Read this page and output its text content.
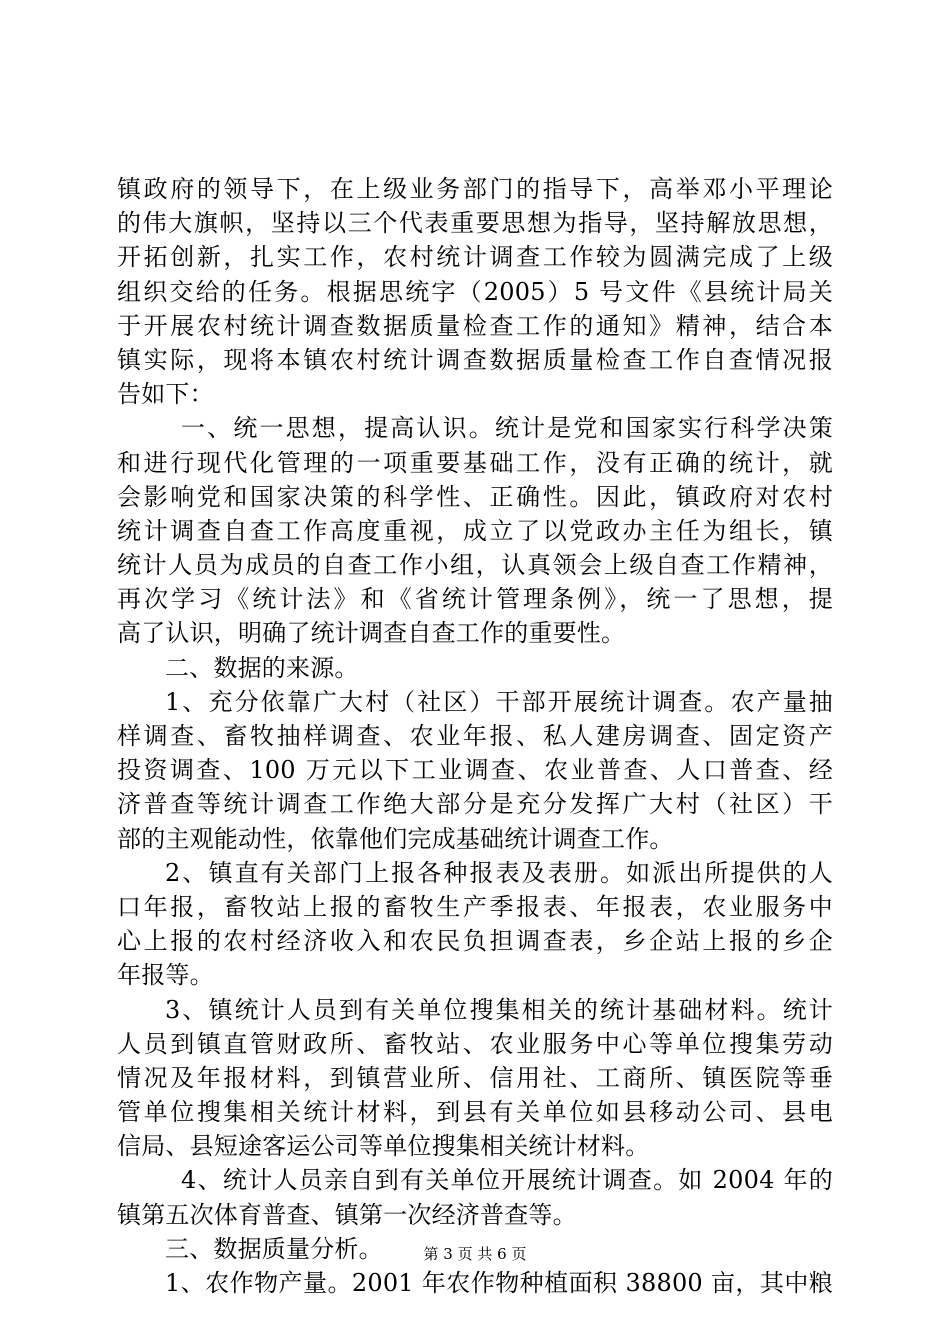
镇政府的领导下，在上级业务部门的指导下，高举邓小平理论
的伟大旗帜，坚持以三个代表重要思想为指导，坚持解放思想，
开拓创新，扎实工作，农村统计调查工作较为圆满完成了上级
组织交给的任务。根据思统字（2005）5 号文件《县统计局关
于开展农村统计调查数据质量检查工作的通知》精神，结合本
镇实际，现将本镇农村统计调查数据质量检查工作自查情况报
告如下：
一、统一思想，提高认识。统计是党和国家实行科学决策
和进行现代化管理的一项重要基础工作，没有正确的统计，就
会影响党和国家决策的科学性、正确性。因此，镇政府对农村
统计调查自查工作高度重视，成立了以党政办主任为组长，镇
统计人员为成员的自查工作小组，认真领会上级自查工作精神，
再次学习《统计法》和《省统计管理条例》，统一了思想，提
高了认识，明确了统计调查自查工作的重要性。
二、数据的来源。
1、充分依靠广大村（社区）干部开展统计调查。农产量抽
样调查、畜牧抽样调查、农业年报、私人建房调查、固定资产
投资调查、100 万元以下工业调查、农业普查、人口普查、经
济普查等统计调查工作绝大部分是充分发挥广大村（社区）干
部的主观能动性，依靠他们完成基础统计调查工作。
2、镇直有关部门上报各种报表及表册。如派出所提供的人
口年报，畜牧站上报的畜牧生产季报表、年报表，农业服务中
心上报的农村经济收入和农民负担调查表，乡企站上报的乡企
年报等。
3、镇统计人员到有关单位搜集相关的统计基础材料。统计
人员到镇直管财政所、畜牧站、农业服务中心等单位搜集劳动
情况及年报材料，到镇营业所、信用社、工商所、镇医院等垂
管单位搜集相关统计材料，到县有关单位如县移动公司、县电
信局、县短途客运公司等单位搜集相关统计材料。
4、统计人员亲自到有关单位开展统计调查。如 2004 年的
镇第五次体育普查、镇第一次经济普查等。
三、数据质量分析。
1、农作物产量。2001 年农作物种植面积 38800 亩，其中粮
第 3 页 共 6 页
